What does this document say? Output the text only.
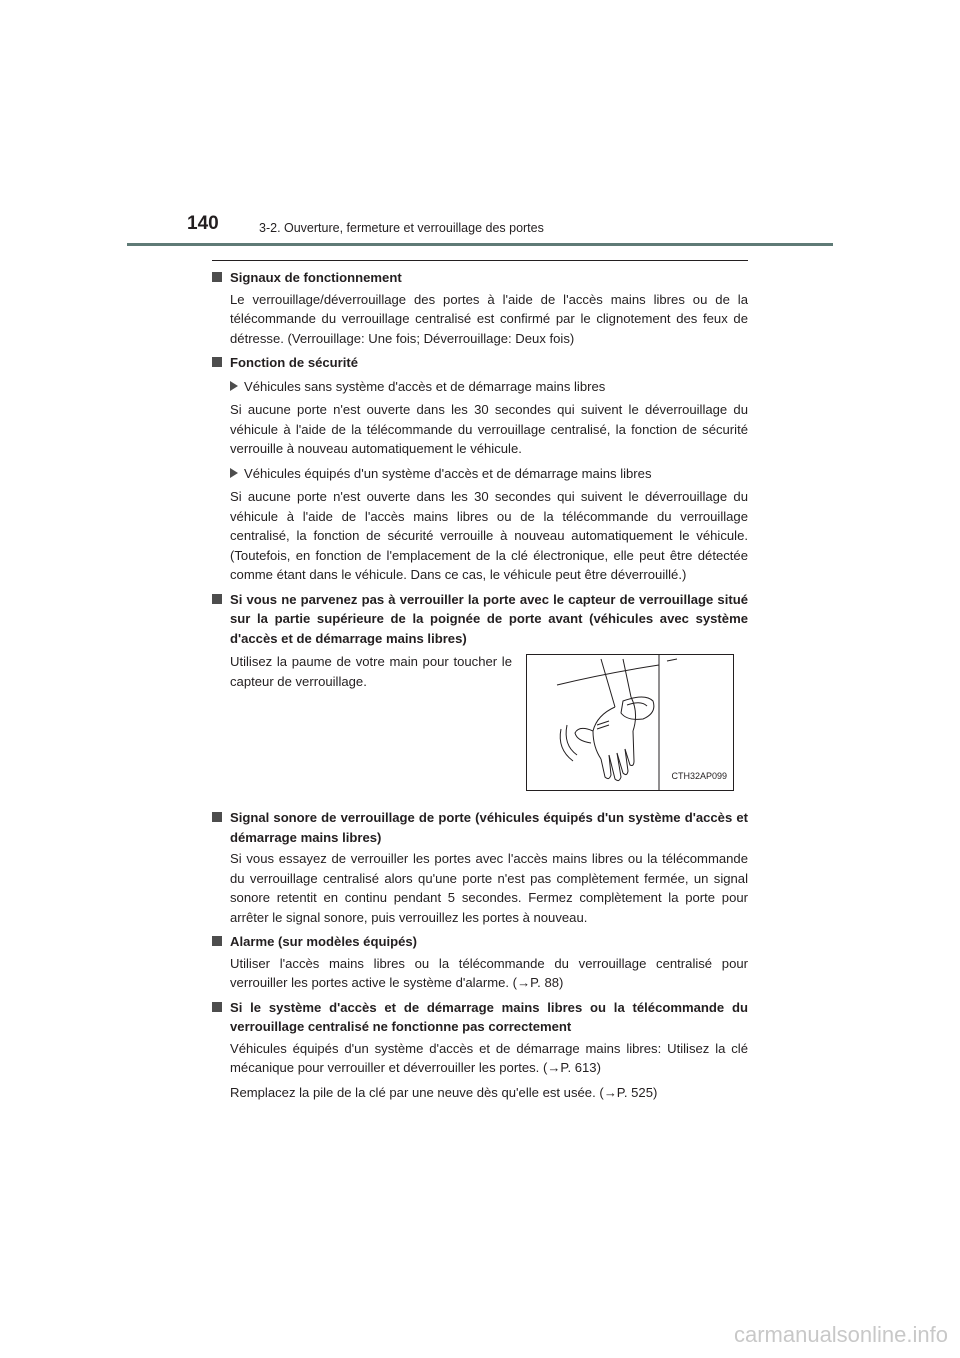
140	3-2. Ouverture, fermeture et verrouillage des portes
Signaux de fonctionnement
Le verrouillage/déverrouillage des portes à l'aide de l'accès mains libres ou de la télécommande du verrouillage centralisé est confirmé par le clignotement des feux de détresse. (Verrouillage: Une fois; Déverrouillage: Deux fois)
Fonction de sécurité
Véhicules sans système d'accès et de démarrage mains libres
Si aucune porte n'est ouverte dans les 30 secondes qui suivent le déverrouillage du véhicule à l'aide de la télécommande du verrouillage centralisé, la fonction de sécurité verrouille à nouveau automatiquement le véhicule.
Véhicules équipés d'un système d'accès et de démarrage mains libres
Si aucune porte n'est ouverte dans les 30 secondes qui suivent le déverrouillage du véhicule à l'aide de l'accès mains libres ou de la télécommande du verrouillage centralisé, la fonction de sécurité verrouille à nouveau automatiquement le véhicule. (Toutefois, en fonction de l'emplacement de la clé électronique, elle peut être détectée comme étant dans le véhicule. Dans ce cas, le véhicule peut être déverrouillé.)
Si vous ne parvenez pas à verrouiller la porte avec le capteur de verrouillage situé sur la partie supérieure de la poignée de porte avant (véhicules avec système d'accès et de démarrage mains libres)
Utilisez la paume de votre main pour toucher le capteur de verrouillage.
CTH32AP099
Signal sonore de verrouillage de porte (véhicules équipés d'un système d'accès et démarrage mains libres)
Si vous essayez de verrouiller les portes avec l'accès mains libres ou la télécommande du verrouillage centralisé alors qu'une porte n'est pas complètement fermée, un signal sonore retentit en continu pendant 5 secondes. Fermez complètement la porte pour arrêter le signal sonore, puis verrouillez les portes à nouveau.
Alarme (sur modèles équipés)
Utiliser l'accès mains libres ou la télécommande du verrouillage centralisé pour verrouiller les portes active le système d'alarme. (→P. 88)
Si le système d'accès et de démarrage mains libres ou la télécommande du verrouillage centralisé ne fonctionne pas correctement
Véhicules équipés d'un système d'accès et de démarrage mains libres: Utilisez la clé mécanique pour verrouiller et déverrouiller les portes. (→P. 613)
Remplacez la pile de la clé par une neuve dès qu'elle est usée. (→P. 525)
carmanualsonline.info
